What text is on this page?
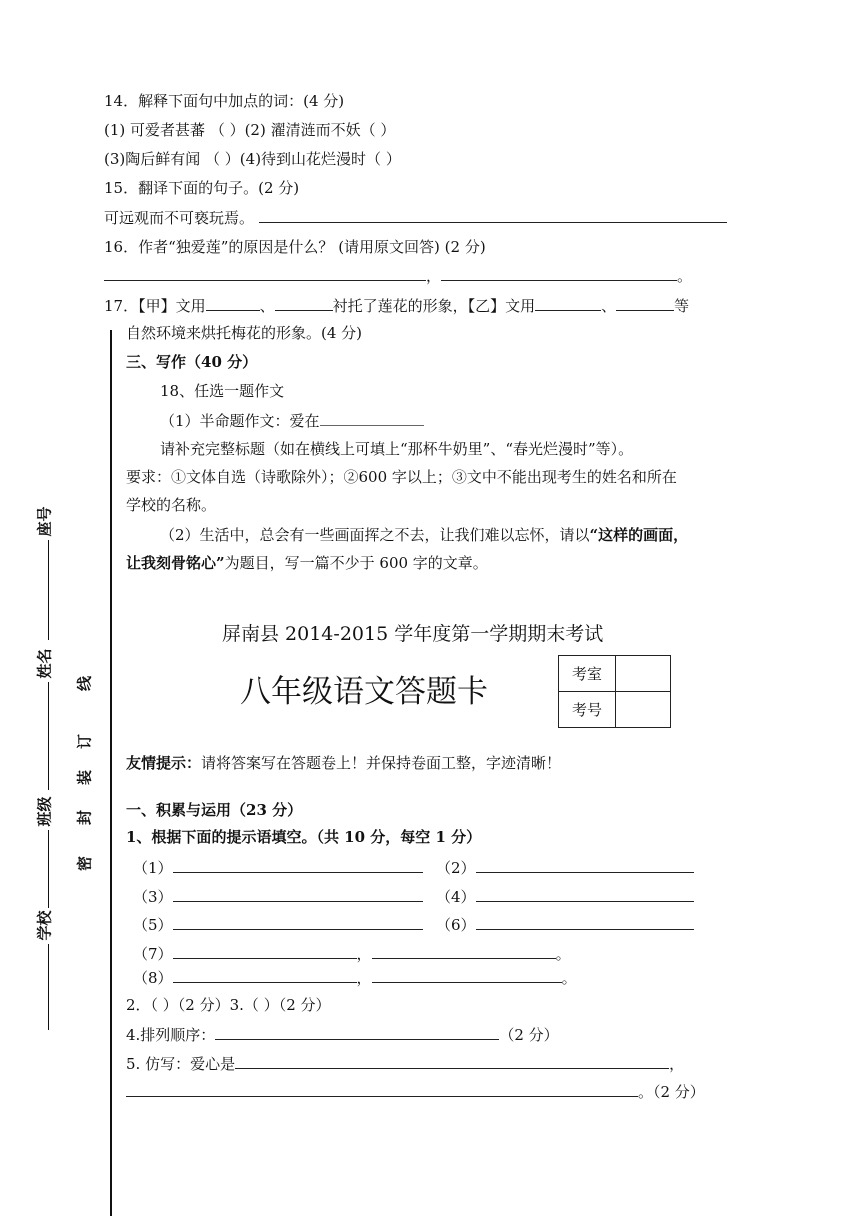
14．解释下面句中加点的词：(4 分)
(1) 可爱者甚蕃 （ ）(2) 濯清涟而不妖（ ）
(3)陶后鲜有闻 （ ）(4)待到山花烂漫时（ ）
15．翻译下面的句子。(2 分)
可远观而不可亵玩焉。
16．作者“独爱莲”的原因是什么？ (请用原文回答) (2 分)
，	。
17．【甲】文用	、	衬托了莲花的形象，【乙】文用	、	等
自然环境来烘托梅花的形象。(4 分)
三、写作（40 分）
18、任选一题作文
（1）半命题作文：爱在
请补充完整标题（如在横线上可填上“那杯牛奶里”、“春光烂漫时”等）。
要求：①文体自选（诗歌除外）；②600 字以上；③文中不能出现考生的姓名和所在
学校的名称。
（2）生活中，总会有一些画面挥之不去，让我们难以忘怀，请以“这样的画面，
让我刻骨铭心”为题目，写一篇不少于 600 字的文章。
屏南县 2014-2015 学年度第一学期期末考试
八年级语文答题卡	考室	
考号	
友情提示：请将答案写在答题卷上！并保持卷面工整，字迹清晰！
一、积累与运用（23 分）
1、根据下面的提示语填空。（共 10 分，每空 1 分）
（1）	（2）
（3）	（4）
（5）	（6）
（7）	，	。
（8）	，	。
2．（ ）（2 分）3.（ ）（2 分）
4.排列顺序：	（2 分）
5. 仿写：爱心是	，
。（2 分）
座号
姓名
班级
学校
线
订
装
封
密
